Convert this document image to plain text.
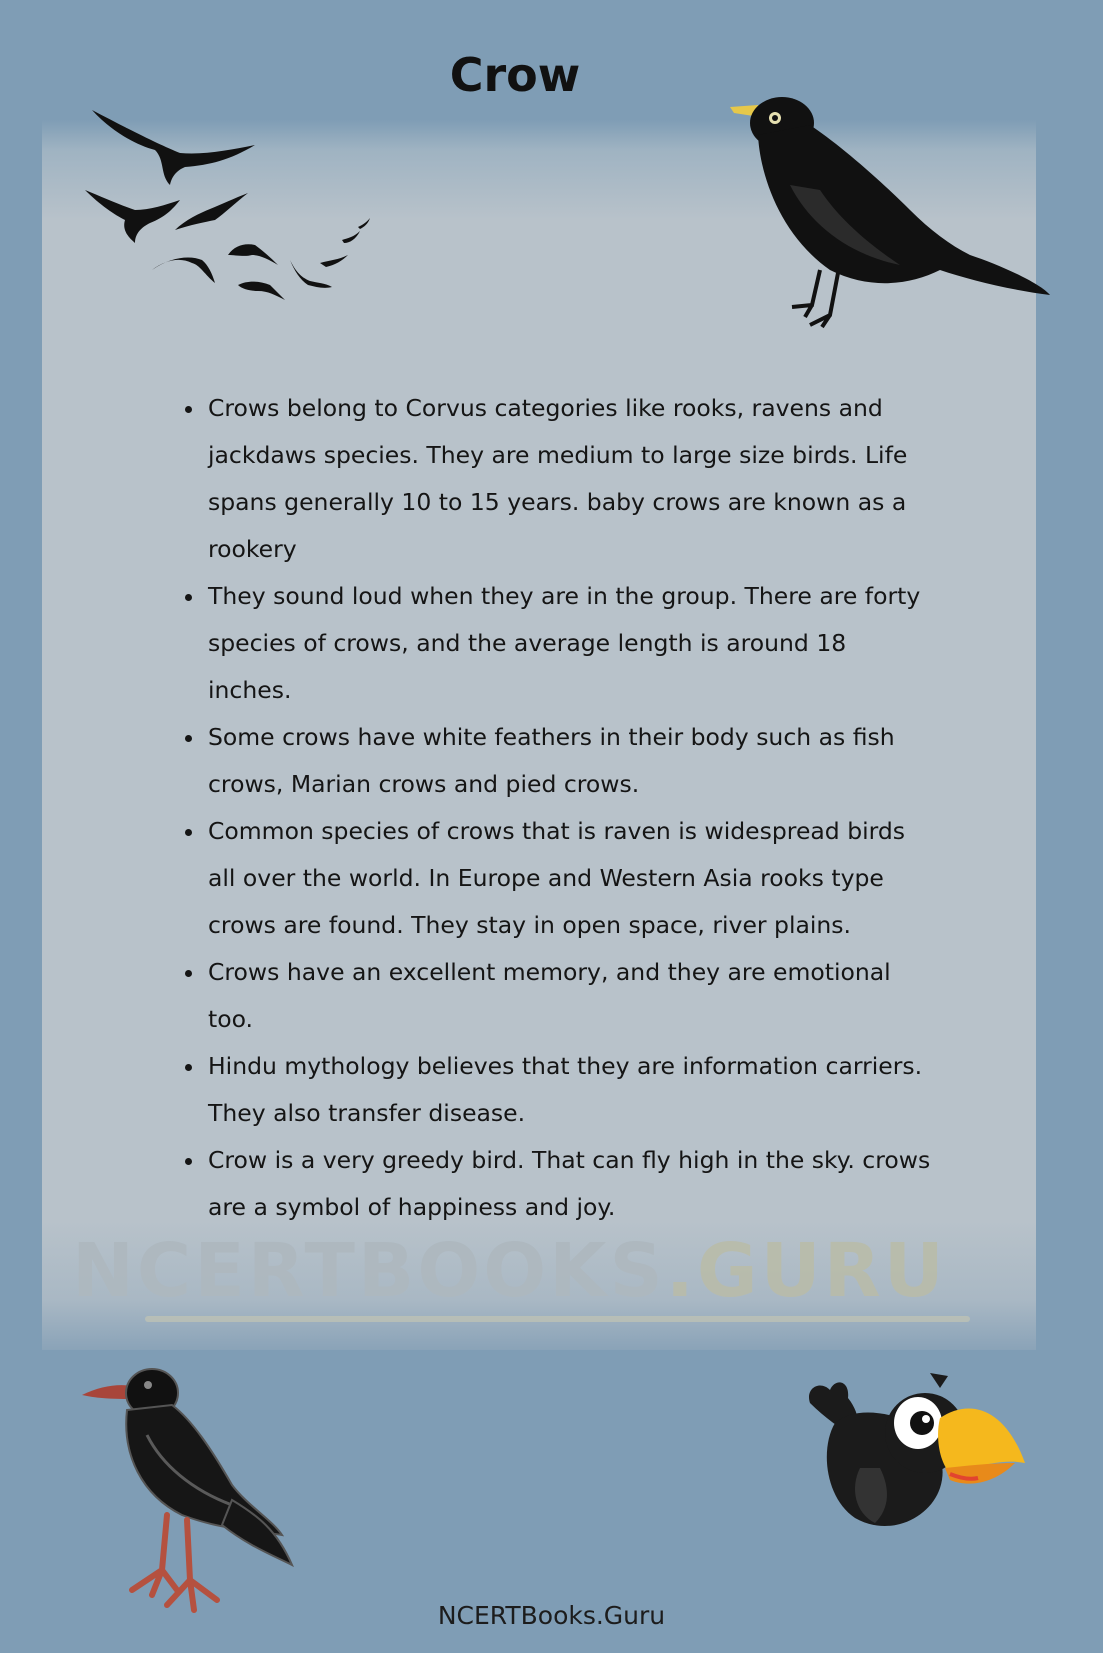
Crow
• Crows belong to Corvus categories like rooks, ravens and jackdaws species. They are medium to large size birds. Life spans generally 10 to 15 years. baby crows are known as a rookery
• They sound loud when they are in the group. There are forty species of crows, and the average length is around 18 inches.
• Some crows have white feathers in their body such as fish crows, Marian crows and pied crows.
• Common species of crows that is raven is widespread birds all over the world. In Europe and Western Asia rooks type crows are found. They stay in open space, river plains.
• Crows have an excellent memory, and they are emotional too.
• Hindu mythology believes that they are information carriers. They also transfer disease.
• Crow is a very greedy bird. That can fly high in the sky. crows are a symbol of happiness and joy.
NCERTBOOKS.GURU
NCERTBooks.Guru
